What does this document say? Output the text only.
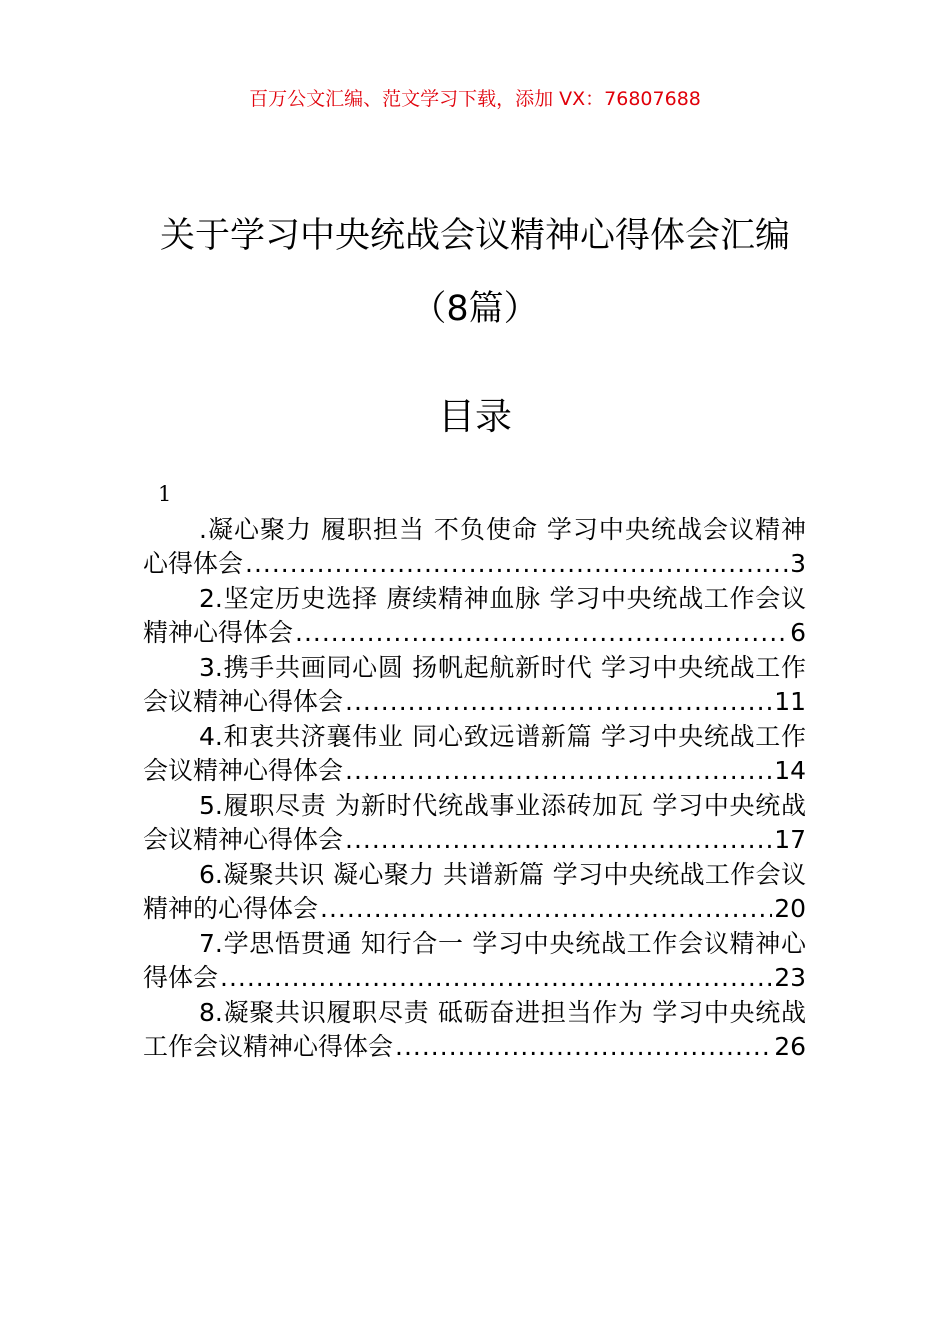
百万公文汇编、范文学习下载，添加 VX：76807688
关于学习中央统战会议精神心得体会汇编
（8篇）
目录
1
.凝心聚力 履职担当 不负使命 学习中央统战会议精神
心得体会 .....	3
2.坚定历史选择 赓续精神血脉 学习中央统战工作会议
精神心得体会 .....	6
3.携手共画同心圆 扬帆起航新时代 学习中央统战工作
会议精神心得体会 .....	11
4.和衷共济襄伟业 同心致远谱新篇 学习中央统战工作
会议精神心得体会 .....	14
5.履职尽责 为新时代统战事业添砖加瓦 学习中央统战
会议精神心得体会 .....	17
6.凝聚共识 凝心聚力 共谱新篇 学习中央统战工作会议
精神的心得体会 .....	20
7.学思悟贯通 知行合一 学习中央统战工作会议精神心
得体会 .....	23
8.凝聚共识履职尽责 砥砺奋进担当作为 学习中央统战
工作会议精神心得体会 .....	26
